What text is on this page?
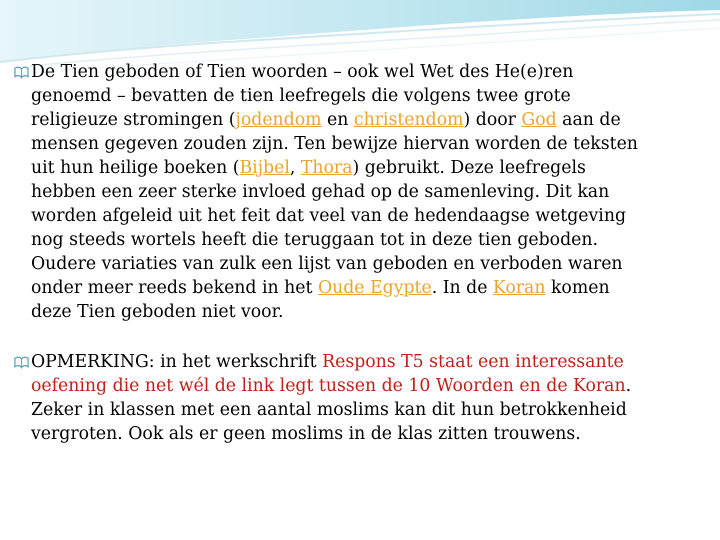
De Tien geboden of Tien woorden – ook wel Wet des He(e)ren genoemd – bevatten de tien leefregels die volgens twee grote religieuze stromingen (jodendom en christendom) door God aan de mensen gegeven zouden zijn. Ten bewijze hiervan worden de teksten uit hun heilige boeken (Bijbel, Thora) gebruikt. Deze leefregels hebben een zeer sterke invloed gehad op de samenleving. Dit kan worden afgeleid uit het feit dat veel van de hedendaagse wetgeving nog steeds wortels heeft die teruggaan tot in deze tien geboden. Oudere variaties van zulk een lijst van geboden en verboden waren onder meer reeds bekend in het Oude Egypte. In de Koran komen deze Tien geboden niet voor.

OPMERKING: in het werkschrift Respons T5 staat een interessante oefening die net wél de link legt tussen de 10 Woorden en de Koran. Zeker in klassen met een aantal moslims kan dit hun betrokkenheid vergroten. Ook als er geen moslims in de klas zitten trouwens.
